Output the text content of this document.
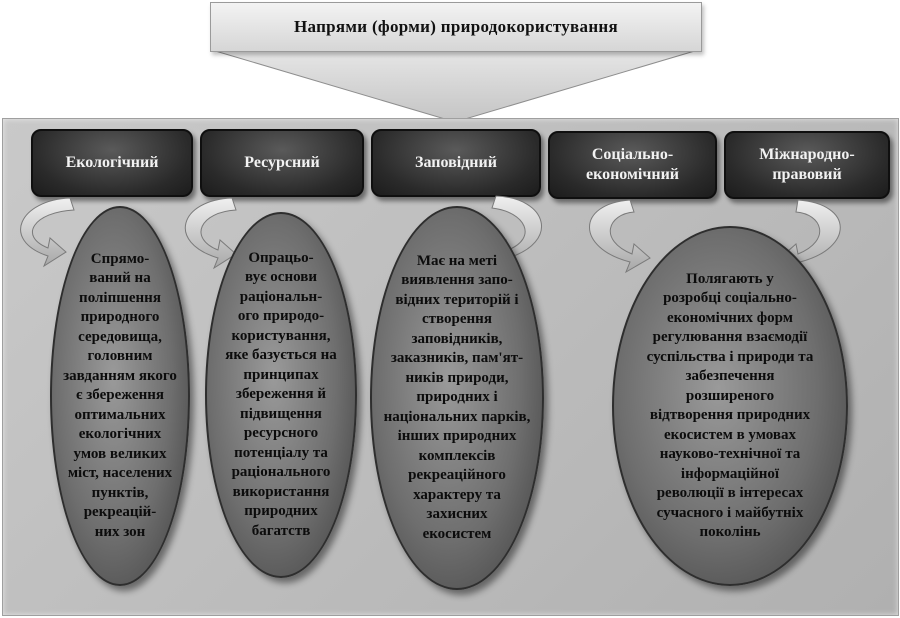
Напрями (форми) природокористування
Екологічний	Ресурсний	Заповідний	Соціально-
економічний
Міжнародно-
правовий
Спрямо-
ваний на
поліпшення
природного
середовища,
головним
завданням якого
є збереження
оптимальних
екологічних
умов великих
міст, населених
пунктів,
рекреацій-
них зон
Опрацьо-
вує основи
раціональн-
ого природо-
користування,
яке базується на
принципах
збереження й
підвищення
ресурсного
потенціалу та
раціонального
використання
природних
багатств
Має на меті
виявлення запо-
відних територій і
створення
заповідників,
заказників, пам'ят-
ників природи,
природних і
національних парків,
інших природних
комплексів
рекреаційного
характеру та
захисних
екосистем
Полягають у
розробці соціально-
економічних форм
регулювання взаємодії
суспільства і природи та
забезпечення
розширеного
відтворення природних
екосистем в умовах
науково-технічної та
інформаційної
революції в інтересах
сучасного і майбутніх
поколінь
